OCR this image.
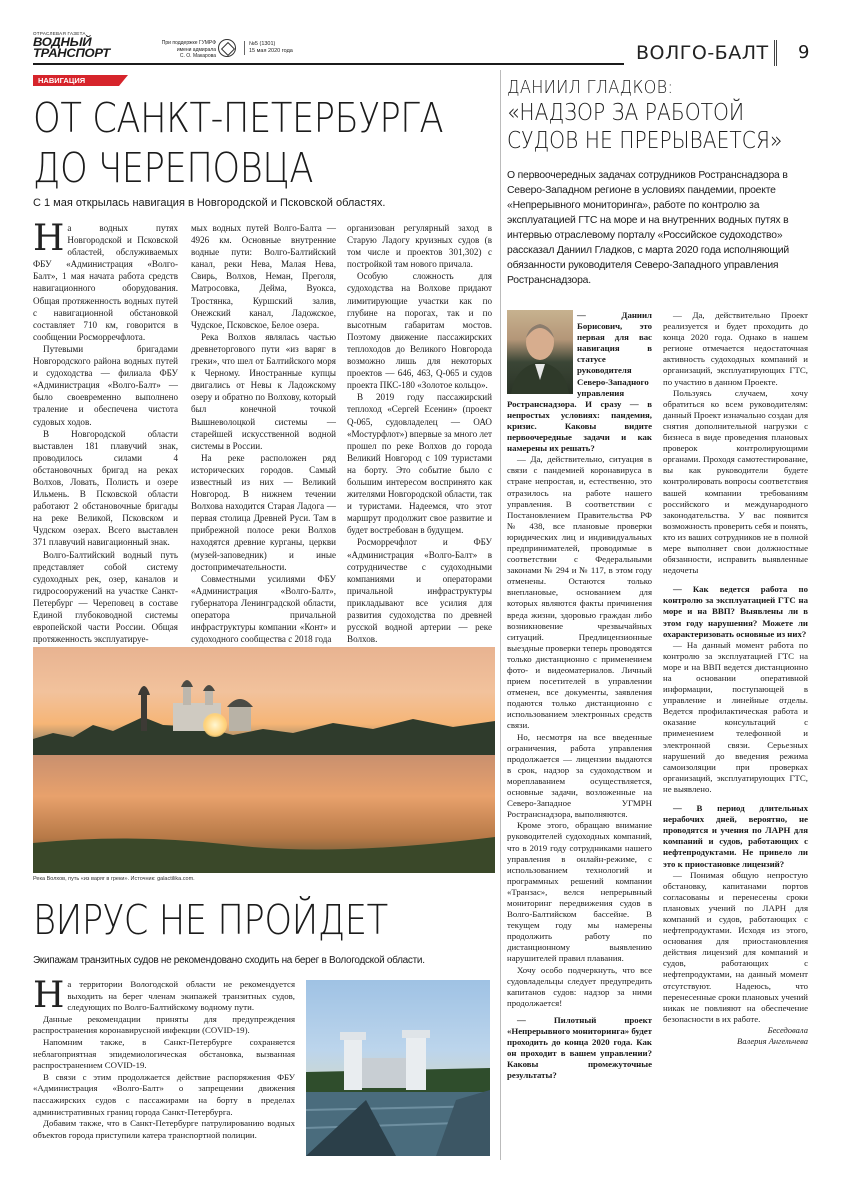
ОТРАСЛЕВАЯ ГАЗЕТА
ВОДНЫЙ
ТРАНСПОРТ
При поддержке ГУМРФ
имени адмирала
С. О. Макарова
№5 (1301)
15 мая 2020 года	ВОЛГО-БАЛТ 9
НАВИГАЦИЯ
ОТ САНКТ-ПЕТЕРБУРГА
ДО ЧЕРЕПОВЦА
С 1 мая открылась навигация в Новгородской и Псковской областях.

На водных путях Новгородской и Псковской областей, обслуживаемых ФБУ «Администрация «Волго-Балт», 1 мая начата работа средств навигационного оборудования. Общая протяженность водных путей с навигационной обстановкой составляет 710 км, говорится в сообщении Росморречфлота.

Путевыми бригадами Новгородского района водных путей и судоходства — филиала ФБУ «Администрация «Волго-Балт» — было своевременно выполнено траление и обеспечена чистота судовых ходов.

В Новгородской области выставлен 181 плавучий знак, проводилось силами 4 обстановочных бригад на реках Волхов, Ловать, Полисть и озере Ильмень. В Псковской области работают 2 обстановочные бригады на реке Великой, Псковском и Чудском озерах. Всего выставлен 371 плавучий навигационный знак.

Волго-Балтийский водный путь представляет собой систему судоходных рек, озер, каналов и гидросооружений на участке Санкт-Петербург — Череповец в составе Единой глубоководной системы европейской части России. Общая протяженность эксплуатируе-

мых водных путей Волго-Балта — 4926 км. Основные внутренние водные пути: Волго-Балтийский канал, реки Нева, Малая Нева, Свирь, Волхов, Неман, Преголя, Матросовка, Дейма, Вуокса, Тростянка, Куршский залив, Онежский канал, Ладожское, Чудское, Псковское, Белое озера.

Река Волхов являлась частью древнеторгового пути «из варяг в греки», что шел от Балтийского моря к Черному. Иностранные купцы двигались от Невы к Ладожскому озеру и обратно по Волхову, который был конечной точкой Вышневолоцкой системы — старейшей искусственной водной системы в России.

На реке расположен ряд исторических городов. Самый известный из них — Великий Новгород. В нижнем течении Волхова находится Старая Ладога — первая столица Древней Руси. Там в прибрежной полосе реки Волхов находятся древние курганы, церкви (музей-заповедник) и иные достопримечательности.

Совместными усилиями ФБУ «Администрация «Волго-Балт», губернатора Ленинградской области, оператора причальной инфраструктуры компании «Конт» и судоходного сообщества с 2018 года

организован регулярный заход в Старую Ладогу круизных судов (в том числе и проектов 301,302) с постройкой там нового причала.

Особую сложность для судоходства на Волхове придают лимитирующие участки как по глубине на порогах, так и по высотным габаритам мостов. Поэтому движение пассажирских теплоходов до Великого Новгорода возможно лишь для некоторых проектов — 646, 463, Q-065 и судов проекта ПКС-180 «Золотое кольцо».

В 2019 году пассажирский теплоход «Сергей Есенин» (проект Q-065, судовладелец — ОАО «Мостурфлот») впервые за много лет прошел по реке Волхов до города Великий Новгород с 109 туристами на борту. Это событие было с большим интересом воспринято как жителями Новгородской области, так и туристами. Надеемся, что этот маршрут продолжит свое развитие и будет востребован в будущем.

Росморречфлот и ФБУ «Администрация «Волго-Балт» в сотрудничестве с судоходными компаниями и операторами причальной инфраструктуры прикладывают все усилия для развития судоходства по древней русской водной артерии — реке Волхов.

Река Волхов, путь «из варяг в греки». Источник: galactilika.com.
ВИРУС НЕ ПРОЙДЕТ
Экипажам транзитных судов не рекомендовано сходить на берег в Вологодской области.

На территории Вологодской области не рекомендуется выходить на берег членам экипажей транзитных судов, следующих по Волго-Балтийскому водному пути.

Данные рекомендации приняты для предупреждения распространения коронавирусной инфекции (COVID-19).

Напомним также, в Санкт-Петербурге сохраняется неблагоприятная эпидемиологическая обстановка, вызванная распространением COVID-19.

В связи с этим продолжается действие распоряжения ФБУ «Администрация «Волго-Балт» о запрещении движения пассажирских судов с пассажирами на борту в пределах административных границ города Санкт-Петербурга.

Добавим также, что в Санкт-Петербурге патрулированию водных объектов города приступили катера транспортной полиции.

ДАНИИЛ ГЛАДКОВ:
«НАДЗОР ЗА РАБОТОЙ
СУДОВ НЕ ПРЕРЫВАЕТСЯ»
О первоочередных задачах сотрудников Ространснадзора в Северо-Западном регионе в условиях пандемии, проекте «Непрерывного мониторинга», работе по контролю за эксплуатацией ГТС на море и на внутренних водных путях в интервью отраслевому порталу «Российское судоходство» рассказал Даниил Гладков, с марта 2020 года исполняющий обязанности руководителя Северо-Западного управления Ространснадзора.

— Даниил Борисович, это первая для вас навигация в статусе руководителя Северо-Западного управления Ространснадзора. И сразу — в непростых условиях: пандемия, кризис. Каковы видите первоочередные задачи и как намерены их решать?

— Да, действительно, ситуация в связи с пандемией коронавируса в стране непростая, и, естественно, это отразилось на работе нашего управления. В соответствии с Постановлением Правительства РФ № 438, все плановые проверки юридических лиц и индивидуальных предпринимателей, проводимые в соответствии с Федеральными законами № 294 и № 117, в этом году отменены. Остаются только внеплановые, основанием для которых являются факты причинения вреда жизни, здоровью граждан либо возникновение чрезвычайных ситуаций. Предлицензионные выездные проверки теперь проводятся только дистанционно с применением фото- и видеоматериалов. Личный прием посетителей в управлении отменен, все документы, заявления подаются только дистанционно с использованием электронных средств связи.

Но, несмотря на все введенные ограничения, работа управления продолжается — лицензии выдаются в срок, надзор за судоходством и мореплаванием осуществляется, основные задачи, возложенные на Северо-Западное УГМРН Ространснадзора, выполняются.

Кроме этого, обращаю внимание руководителей судоходных компаний, что в 2019 году сотрудниками нашего управления в онлайн-режиме, с использованием технологий и программных решений компании «Транзас», велся непрерывный мониторинг передвижения судов в Волго-Балтийском бассейне. В текущем году мы намерены продолжить работу по дистанционному выявлению нарушителей правил плавания.

Хочу особо подчеркнуть, что все судовладельцы следует предупредить капитанов судов: надзор за ними продолжается!

— Пилотный проект «Непрерывного мониторинга» будет проходить до конца 2020 года. Как он проходит в вашем управлении? Каковы промежуточные результаты?

— Да, действительно Проект реализуется и будет проходить до конца 2020 года. Однако в нашем регионе отмечается недостаточная активность судоходных компаний и организаций, эксплуатирующих ГТС, по участию в данном Проекте.

Пользуясь случаем, хочу обратиться ко всем руководителям: данный Проект изначально создан для снятия дополнительной нагрузки с бизнеса в виде проведения плановых проверок контролирующими органами. Проходя самотестирование, вы как руководители будете контролировать вопросы соответствия вашей компании требованиям российского и международного законодательства. У вас появится возможность проверить себя и понять, кто из ваших сотрудников не в полной мере выполняет свои должностные обязанности, исправить выявленные недочеты

— Как ведется работа по контролю за эксплуатацией ГТС на море и на ВВП? Выявлены ли в этом году нарушения? Можете ли охарактеризовать основные из них?

— На данный момент работа по контролю за эксплуатацией ГТС на море и на ВВП ведется дистанционно на основании оперативной информации, поступающей в управление и линейные отделы. Ведется профилактическая работа и оказание консультаций с применением телефонной и электронной связи. Серьезных нарушений до введения режима самоизоляции при проверках организаций, эксплуатирующих ГТС, не выявлено.

— В период длительных нерабочих дней, вероятно, не проводятся и учения по ЛАРН для компаний и судов, работающих с нефтепродуктами. Не привело ли это к приостановке лицензий?

— Понимая общую непростую обстановку, капитанами портов согласованы и перенесены сроки плановых учений по ЛАРН для компаний и судов, работающих с нефтепродуктами. Исходя из этого, основания для приостановления действия лицензий для компаний и судов, работающих с нефтепродуктами, на данный момент отсутствуют. Надеюсь, что перенесенные сроки плановых учений никак не повлияют на обеспечение безопасности в их работе.

Беседовала

Валерия Ангельчева
